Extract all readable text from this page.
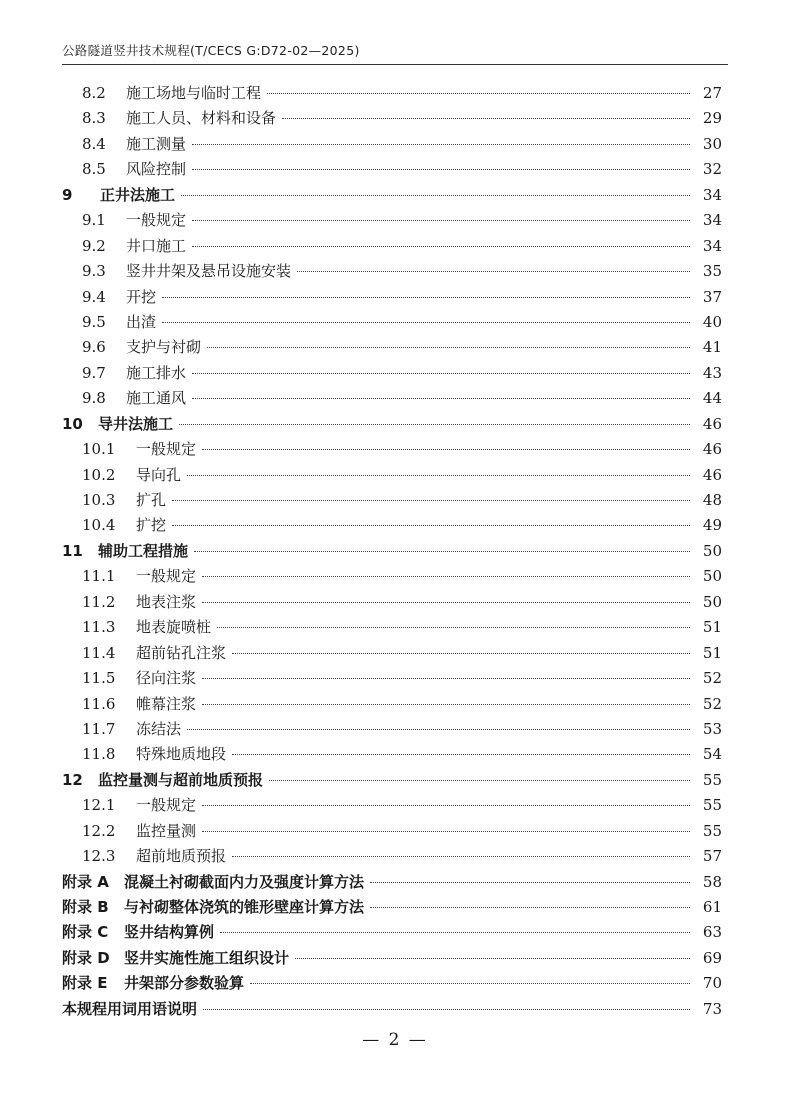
公路隧道竖井技术规程(T/CECS G:D72-02—2025)
8.2	施工场地与临时工程	27
8.3	施工人员、材料和设备	29
8.4	施工测量	30
8.5	风险控制	32
9	正井法施工	34
9.1	一般规定	34
9.2	井口施工	34
9.3	竖井井架及悬吊设施安装	35
9.4	开挖	37
9.5	出渣	40
9.6	支护与衬砌	41
9.7	施工排水	43
9.8	施工通风	44
10	导井法施工	46
10.1	一般规定	46
10.2	导向孔	46
10.3	扩孔	48
10.4	扩挖	49
11	辅助工程措施	50
11.1	一般规定	50
11.2	地表注浆	50
11.3	地表旋喷桩	51
11.4	超前钻孔注浆	51
11.5	径向注浆	52
11.6	帷幕注浆	52
11.7	冻结法	53
11.8	特殊地质地段	54
12	监控量测与超前地质预报	55
12.1	一般规定	55
12.2	监控量测	55
12.3	超前地质预报	57
附录 A	混凝土衬砌截面内力及强度计算方法	58
附录 B	与衬砌整体浇筑的锥形壁座计算方法	61
附录 C	竖井结构算例	63
附录 D 竖井实施性施工组织设计	69
附录 E	井架部分参数验算	70
本规程用词用语说明	73
— 2 —
